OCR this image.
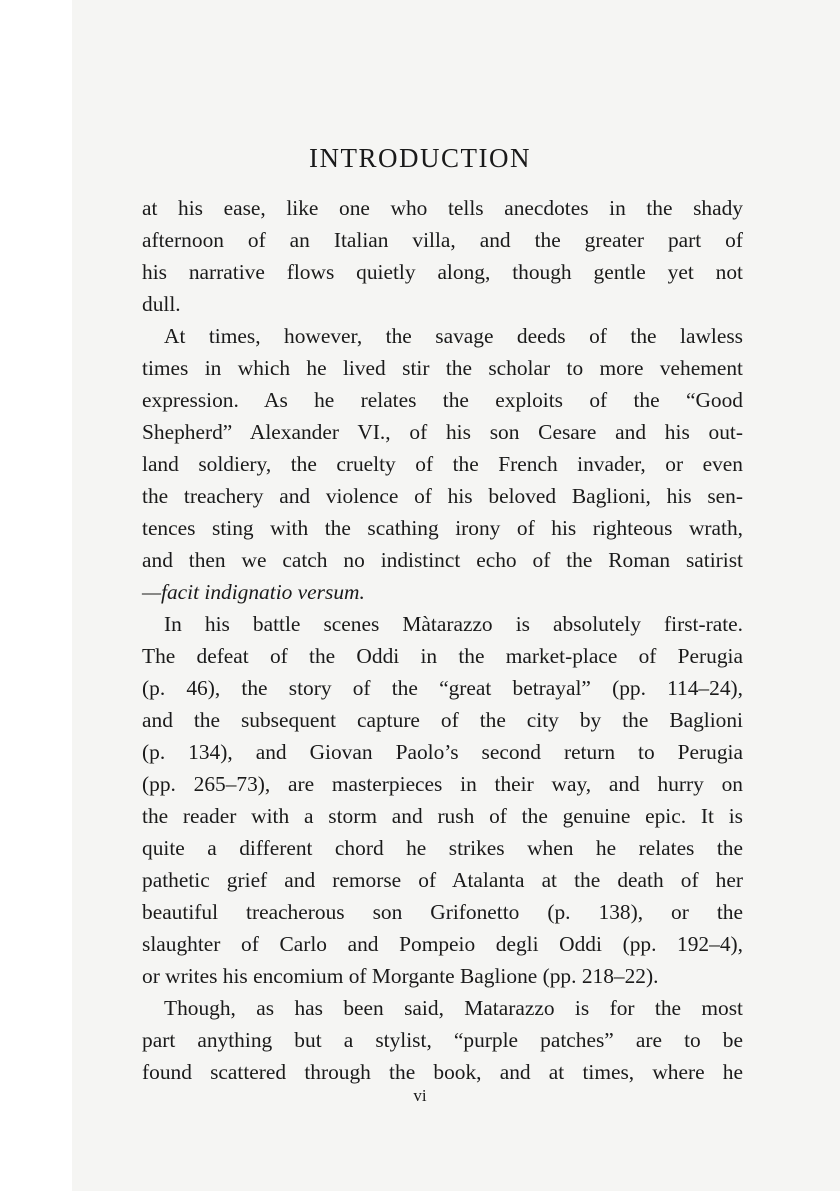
INTRODUCTION
at his ease, like one who tells anecdotes in the shady
afternoon of an Italian villa, and the greater part of
his narrative flows quietly along, though gentle yet not
dull.
At times, however, the savage deeds of the lawless
times in which he lived stir the scholar to more vehement
expression. As he relates the exploits of the “Good
Shepherd” Alexander VI., of his son Cesare and his out-
land soldiery, the cruelty of the French invader, or even
the treachery and violence of his beloved Baglioni, his sen-
tences sting with the scathing irony of his righteous wrath,
and then we catch no indistinct echo of the Roman satirist
—facit indignatio versum.
In his battle scenes Màtarazzo is absolutely first-rate.
The defeat of the Oddi in the market-place of Perugia
(p. 46), the story of the “great betrayal” (pp. 114–24),
and the subsequent capture of the city by the Baglioni
(p. 134), and Giovan Paolo’s second return to Perugia
(pp. 265–73), are masterpieces in their way, and hurry on
the reader with a storm and rush of the genuine epic. It is
quite a different chord he strikes when he relates the
pathetic grief and remorse of Atalanta at the death of her
beautiful treacherous son Grifonetto (p. 138), or the
slaughter of Carlo and Pompeio degli Oddi (pp. 192–4),
or writes his encomium of Morgante Baglione (pp. 218–22).
Though, as has been said, Matarazzo is for the most
part anything but a stylist, “purple patches” are to be
found scattered through the book, and at times, where he
vi
